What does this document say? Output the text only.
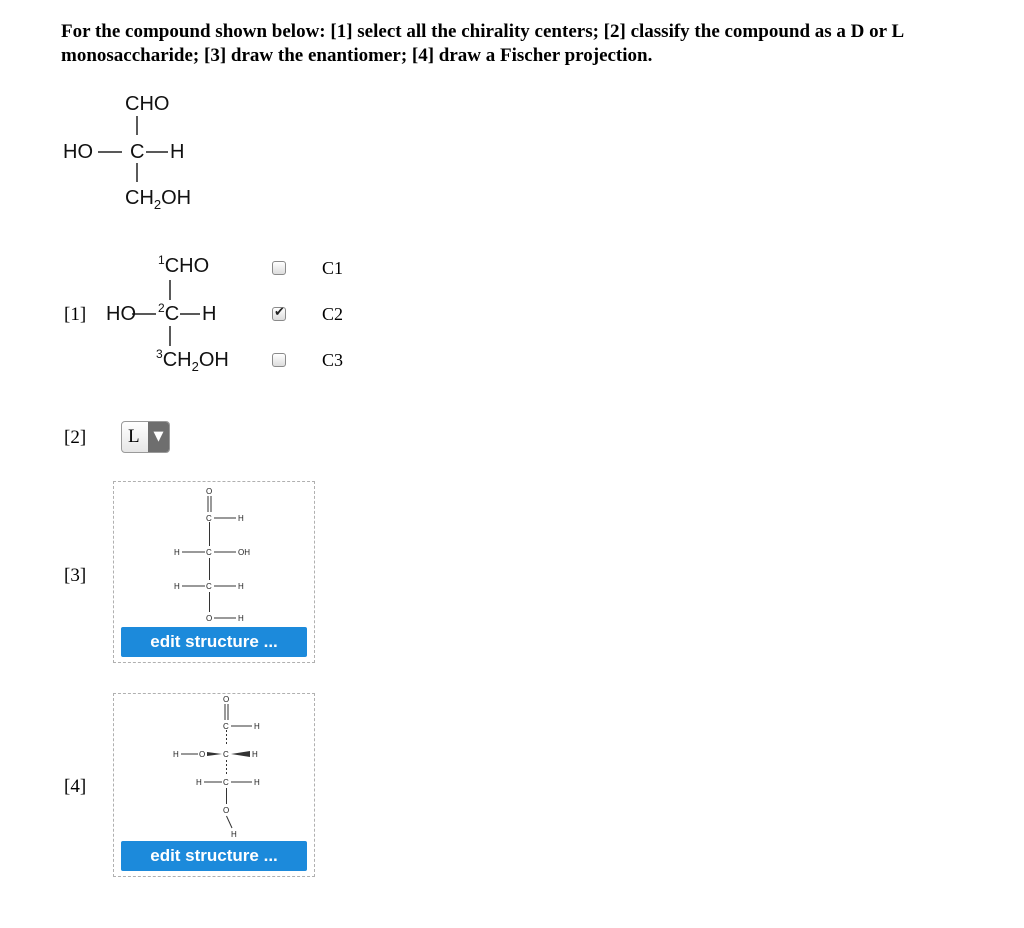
For the compound shown below: [1] select all the chirality centers; [2] classify the compound as a D or L monosaccharide; [3] draw the enantiomer; [4] draw a Fischer projection.
CHO
HO C H
$CH_2OH$
[1]
$^1$CHO
HO $^2$C H
$^3CH_2OH$
C1
✔
C2
C3
[2] L	▼
[3]
O
C	H
H	C	OH
H	C	H
O	H
edit structure ...
[4]
O
C	H
H	O C	H
H	C	H
O
H
edit structure ...
